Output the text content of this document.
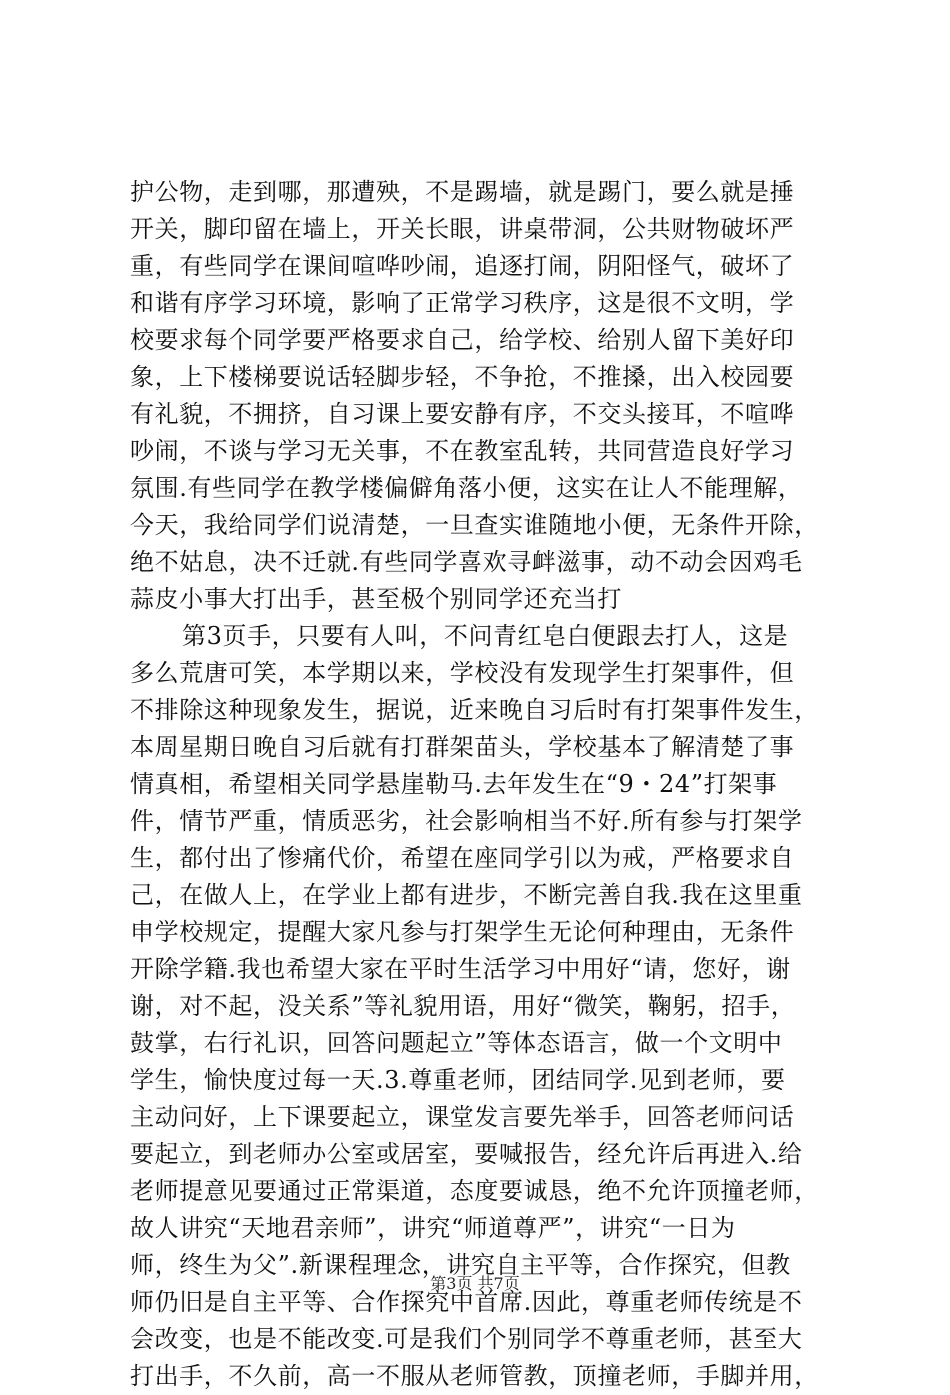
护公物，走到哪，那遭殃，不是踢墙，就是踢门，要么就是捶
开关，脚印留在墙上，开关长眼，讲桌带洞，公共财物破坏严
重，有些同学在课间喧哗吵闹，追逐打闹，阴阳怪气，破坏了
和谐有序学习环境，影响了正常学习秩序，这是很不文明，学
校要求每个同学要严格要求自己，给学校、给别人留下美好印
象，上下楼梯要说话轻脚步轻，不争抢，不推搡，出入校园要
有礼貌，不拥挤，自习课上要安静有序，不交头接耳，不喧哗
吵闹，不谈与学习无关事，不在教室乱转，共同营造良好学习
氛围.有些同学在教学楼偏僻角落小便，这实在让人不能理解，
今天，我给同学们说清楚，一旦查实谁随地小便，无条件开除，
绝不姑息，决不迁就.有些同学喜欢寻衅滋事，动不动会因鸡毛
蒜皮小事大打出手，甚至极个别同学还充当打
第3页手，只要有人叫，不问青红皂白便跟去打人，这是
多么荒唐可笑，本学期以来，学校没有发现学生打架事件，但
不排除这种现象发生，据说，近来晚自习后时有打架事件发生，
本周星期日晚自习后就有打群架苗头，学校基本了解清楚了事
情真相，希望相关同学悬崖勒马.去年发生在“9・24”打架事
件，情节严重，情质恶劣，社会影响相当不好.所有参与打架学
生，都付出了惨痛代价，希望在座同学引以为戒，严格要求自
己，在做人上，在学业上都有进步，不断完善自我.我在这里重
申学校规定，提醒大家凡参与打架学生无论何种理由，无条件
开除学籍.我也希望大家在平时生活学习中用好“请，您好，谢
谢，对不起，没关系”等礼貌用语，用好“微笑，鞠躬，招手，
鼓掌，右行礼识，回答问题起立”等体态语言，做一个文明中
学生，愉快度过每一天.3.尊重老师，团结同学.见到老师，要
主动问好，上下课要起立，课堂发言要先举手，回答老师问话
要起立，到老师办公室或居室，要喊报告，经允许后再进入.给
老师提意见要通过正常渠道，态度要诚恳，绝不允许顶撞老师，
故人讲究“天地君亲师”，讲究“师道尊严”，讲究“一日为
师，终生为父”.新课程理念，讲究自主平等，合作探究，但教
师仍旧是自主平等、合作探究中首席.因此，尊重老师传统是不
会改变，也是不能改变.可是我们个别同学不尊重老师，甚至大
打出手，不久前，高一不服从老师管教，顶撞老师，手脚并用，
第3页 共7页
